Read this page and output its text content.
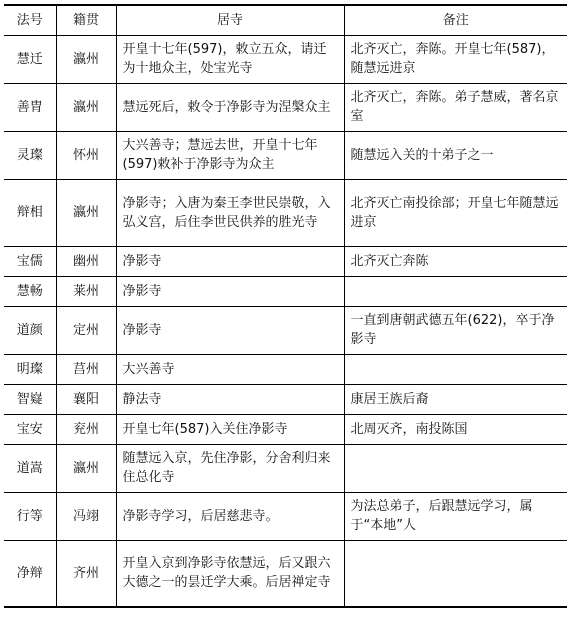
法号	籍贯	居寺	备注
慧迁	瀛州	开皇十七年(597)，敕立五众，请迁为十地众主，处宝光寺	北齐灭亡，奔陈。开皇七年(587)，随慧远进京
善胄	瀛州	慧远死后，敕令于净影寺为涅槃众主	北齐灭亡，奔陈。弟子慧威，著名京室
灵璨	怀州	大兴善寺；慧远去世，开皇十七年(597)敕补于净影寺为众主	随慧远入关的十弟子之一
辩相	瀛州	净影寺；入唐为秦王李世民崇敬，入弘义宫，后住李世民供养的胜光寺	北齐灭亡南投徐部；开皇七年随慧远进京
宝儒	幽州	净影寺	北齐灭亡奔陈
慧畅	莱州	净影寺	
道颜	定州	净影寺	一直到唐朝武德五年(622)，卒于净影寺
明璨	莒州	大兴善寺	
智嶷	襄阳	静法寺	康居王族后裔
宝安	兖州	开皇七年(587)入关住净影寺	北周灭齐，南投陈国
道嵩	瀛州	随慧远入京，先住净影，分舍利归来住总化寺	
行等	冯翊	净影寺学习，后居慈悲寺。	为法总弟子，后跟慧远学习，属于“本地”人
净辩	齐州	开皇入京到净影寺依慧远，后又跟六大德之一的昙迁学大乘。后居禅定寺	
